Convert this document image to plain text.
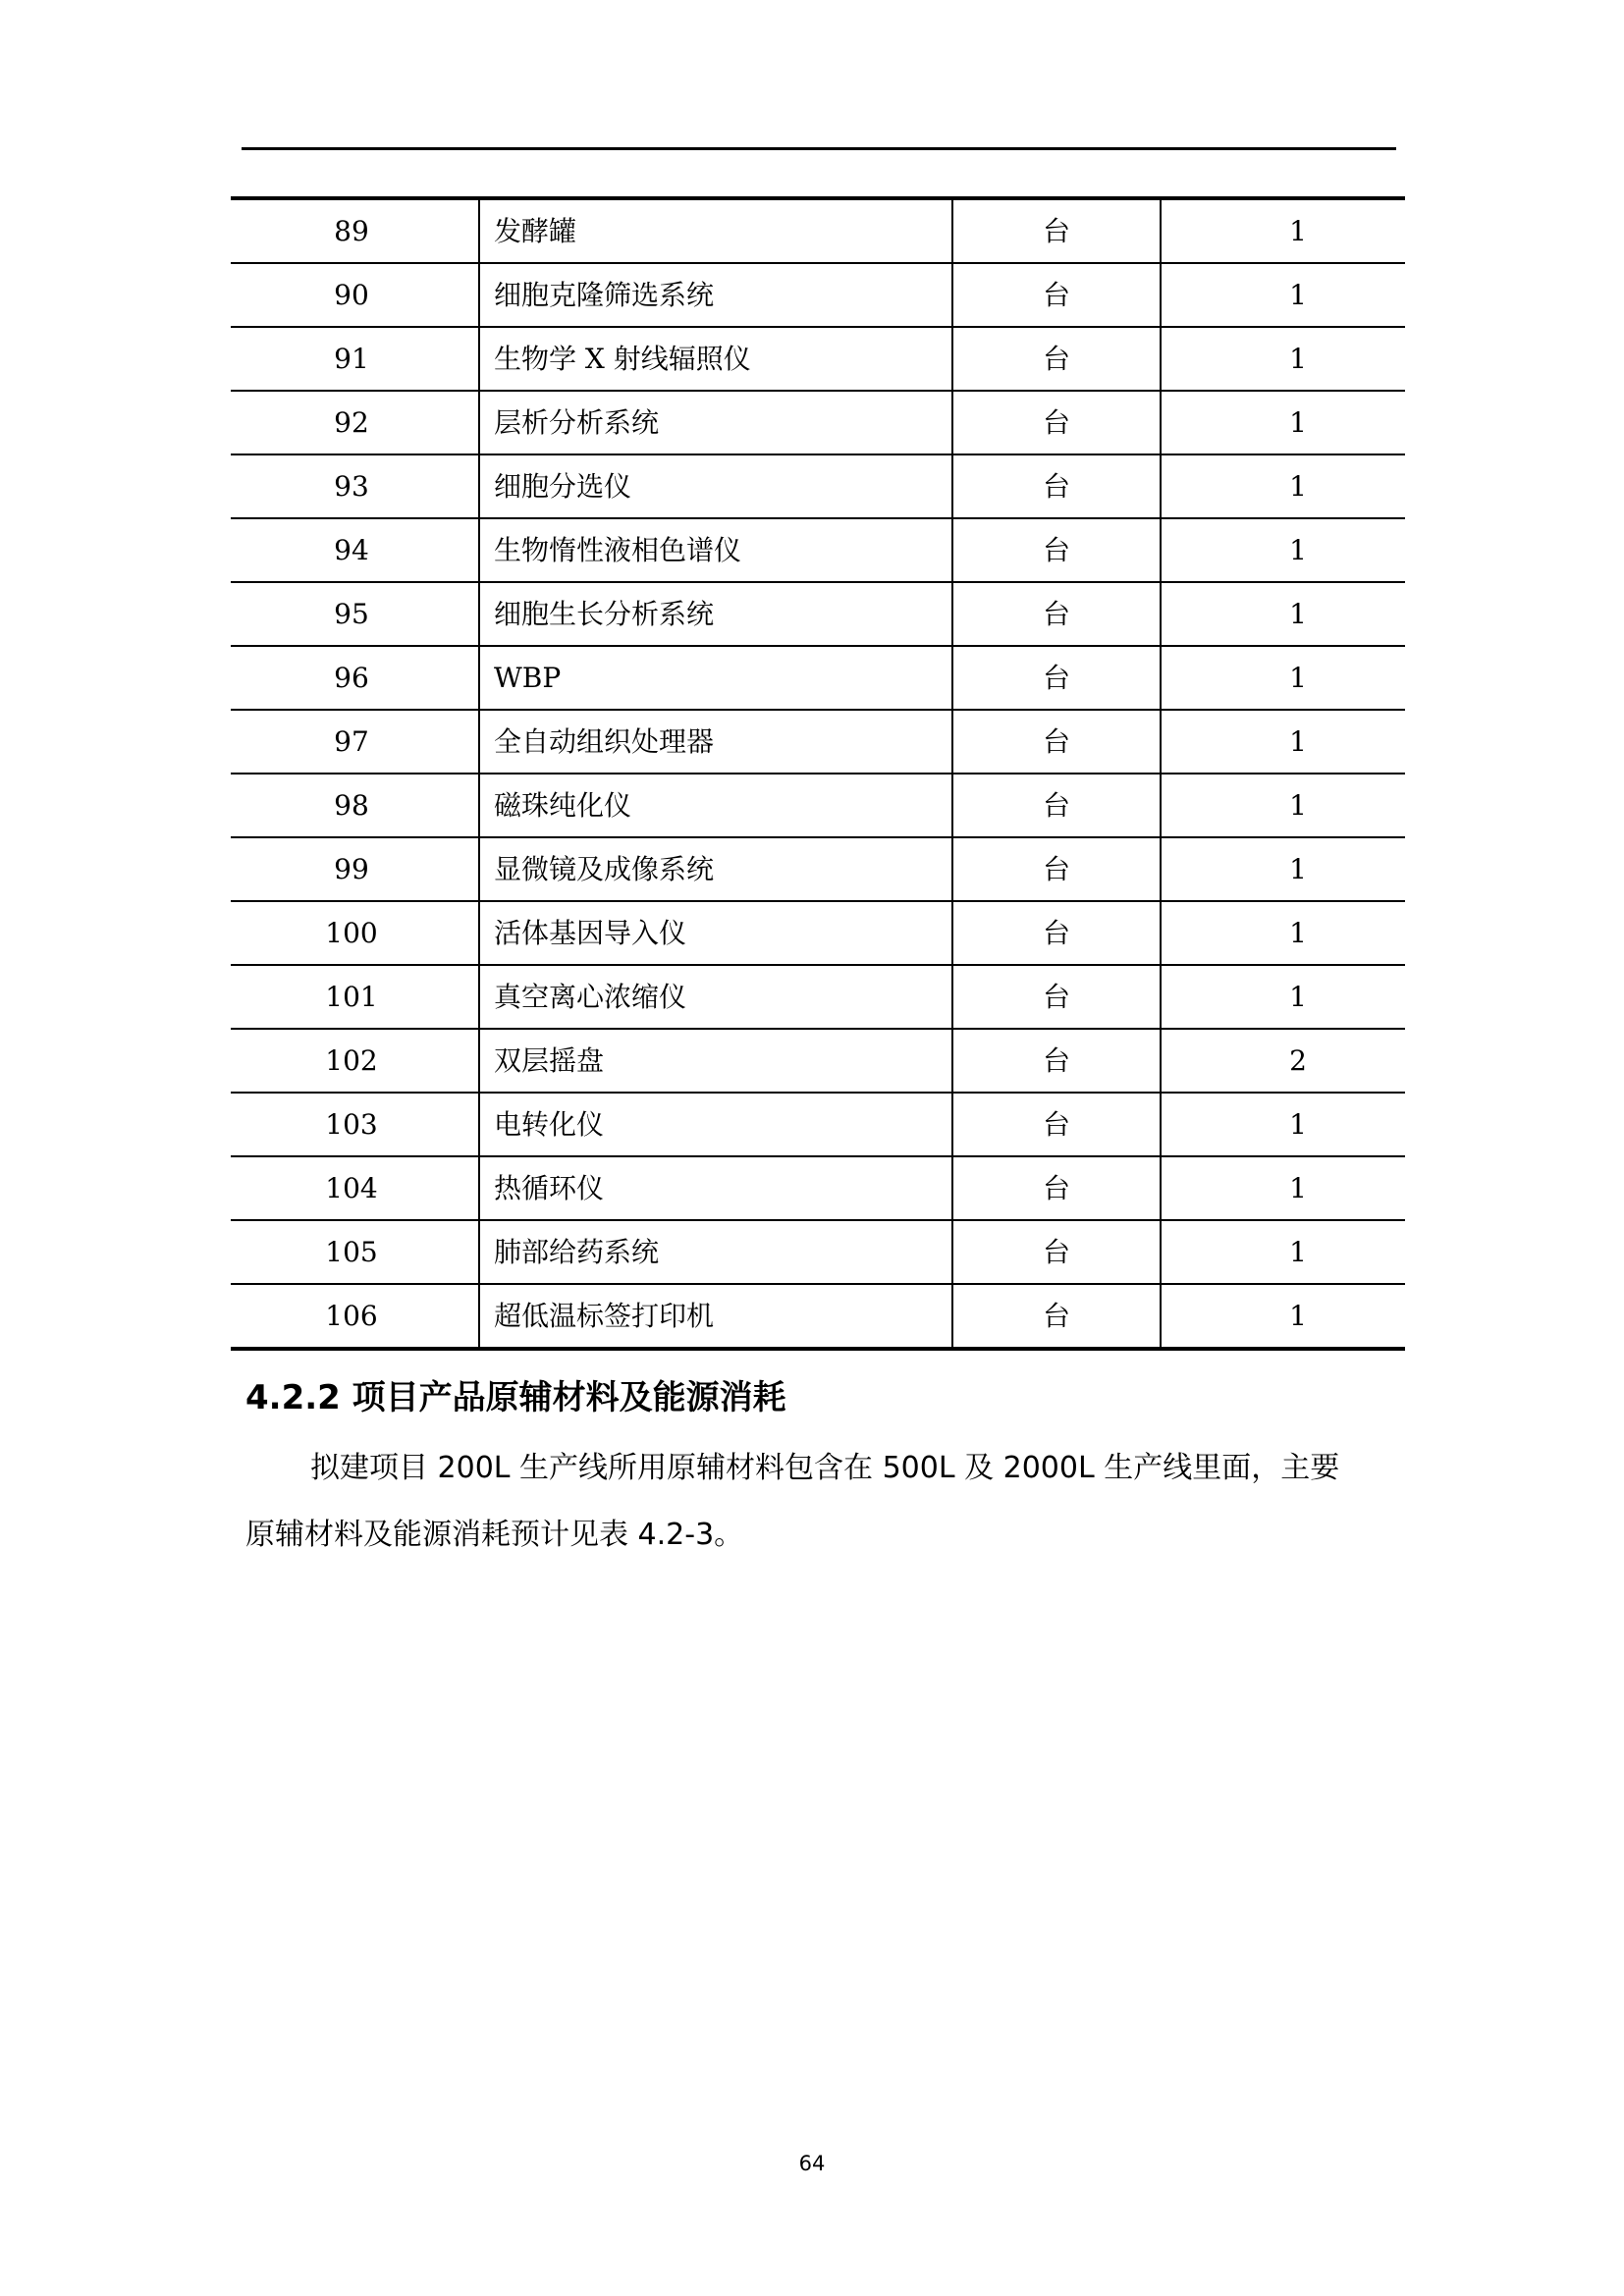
89	发酵罐	台	1
90	细胞克隆筛选系统	台	1
91	生物学 X 射线辐照仪	台	1
92	层析分析系统	台	1
93	细胞分选仪	台	1
94	生物惰性液相色谱仪	台	1
95	细胞生长分析系统	台	1
96	WBP	台	1
97	全自动组织处理器	台	1
98	磁珠纯化仪	台	1
99	显微镜及成像系统	台	1
100	活体基因导入仪	台	1
101	真空离心浓缩仪	台	1
102	双层摇盘	台	2
103	电转化仪	台	1
104	热循环仪	台	1
105	肺部给药系统	台	1
106	超低温标签打印机	台	1
4.2.2 项目产品原辅材料及能源消耗

拟建项目 200L 生产线所用原辅材料包含在 500L 及 2000L 生产线里面，主要

原辅材料及能源消耗预计见表 4.2-3。

64
